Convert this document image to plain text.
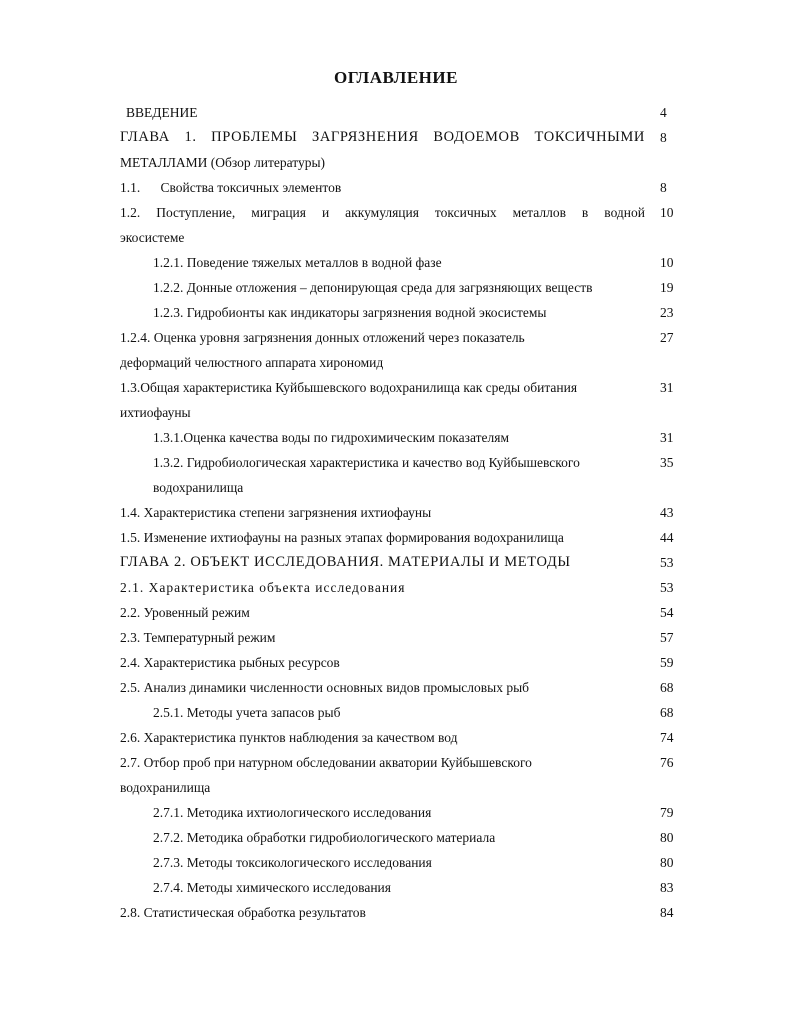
ОГЛАВЛЕНИЕ
ВВЕДЕНИЕ	4
ГЛАВА 1. ПРОБЛЕМЫ ЗАГРЯЗНЕНИЯ ВОДОЕМОВ ТОКСИЧНЫМИ 8
МЕТАЛЛАМИ (Обзор литературы)
1.1.      Свойства токсичных элементов	8
1.2. Поступление, миграция и аккумуляция токсичных металлов в водной 10
экосистеме
1.2.1. Поведение тяжелых металлов в водной фазе	10
1.2.2. Донные отложения – депонирующая среда для загрязняющих веществ	19
1.2.3. Гидробионты как индикаторы загрязнения водной экосистемы	23
1.2.4. Оценка уровня загрязнения донных отложений через показатель	27
деформаций челюстного аппарата хирономид
1.3.Общая характеристика Куйбышевского водохранилища как среды обитания	31
ихтиофауны
1.3.1.Оценка качества воды по гидрохимическим показателям	31
1.3.2. Гидробиологическая характеристика и качество вод Куйбышевского	35
водохранилища
1.4. Характеристика степени загрязнения ихтиофауны	43
1.5. Изменение ихтиофауны на разных этапах формирования водохранилища	44
ГЛАВА 2. ОБЪЕКТ ИССЛЕДОВАНИЯ. МАТЕРИАЛЫ И МЕТОДЫ	53
2.1. Характеристика объекта исследования	53
2.2. Уровенный режим	54
2.3. Температурный режим	57
2.4. Характеристика рыбных ресурсов	59
2.5. Анализ динамики численности основных видов промысловых рыб	68
2.5.1. Методы учета запасов рыб	68
2.6. Характеристика пунктов наблюдения за качеством вод	74
2.7. Отбор проб при натурном обследовании акватории Куйбышевского	76
водохранилища
2.7.1. Методика ихтиологического исследования	79
2.7.2. Методика обработки гидробиологического материала	80
2.7.3. Методы токсикологического исследования	80
2.7.4. Методы химического исследования	83
2.8. Статистическая обработка результатов	84
